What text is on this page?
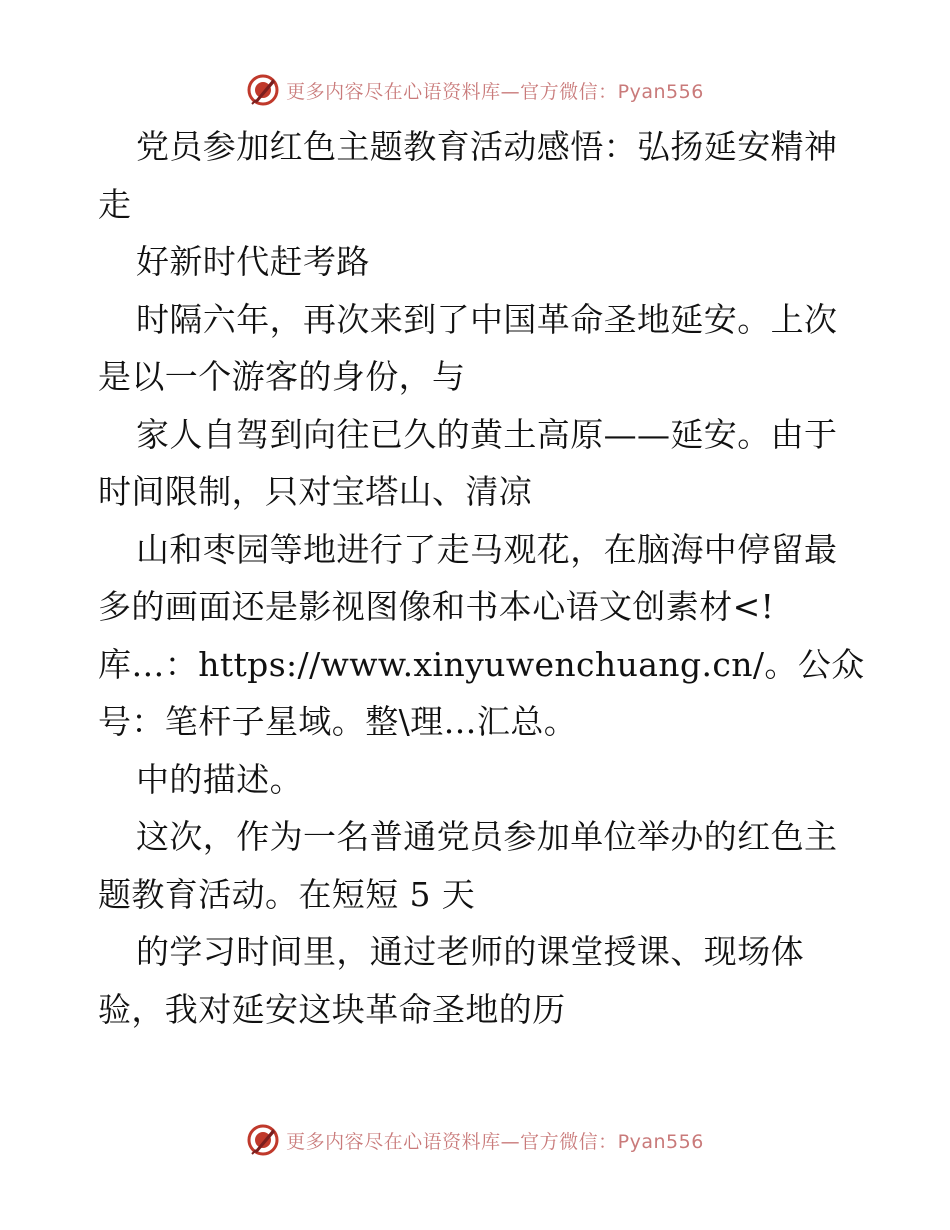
更多内容尽在心语资料库—官方微信：Pyan556
党员参加红色主题教育活动感悟：弘扬延安精神
走
好新时代赶考路
时隔六年，再次来到了中国革命圣地延安。上次
是以一个游客的身份，与
家人自驾到向往已久的黄土高原——延安。由于
时间限制，只对宝塔山、清凉
山和枣园等地进行了走马观花，在脑海中停留最
多的画面还是影视图像和书本心语文创素材<!
库…：https://www.xinyuwenchuang.cn/。公众
号：笔杆子星域。整\理…汇总。
中的描述。
这次，作为一名普通党员参加单位举办的红色主
题教育活动。在短短 5 天
的学习时间里，通过老师的课堂授课、现场体
验，我对延安这块革命圣地的历
更多内容尽在心语资料库—官方微信：Pyan556
